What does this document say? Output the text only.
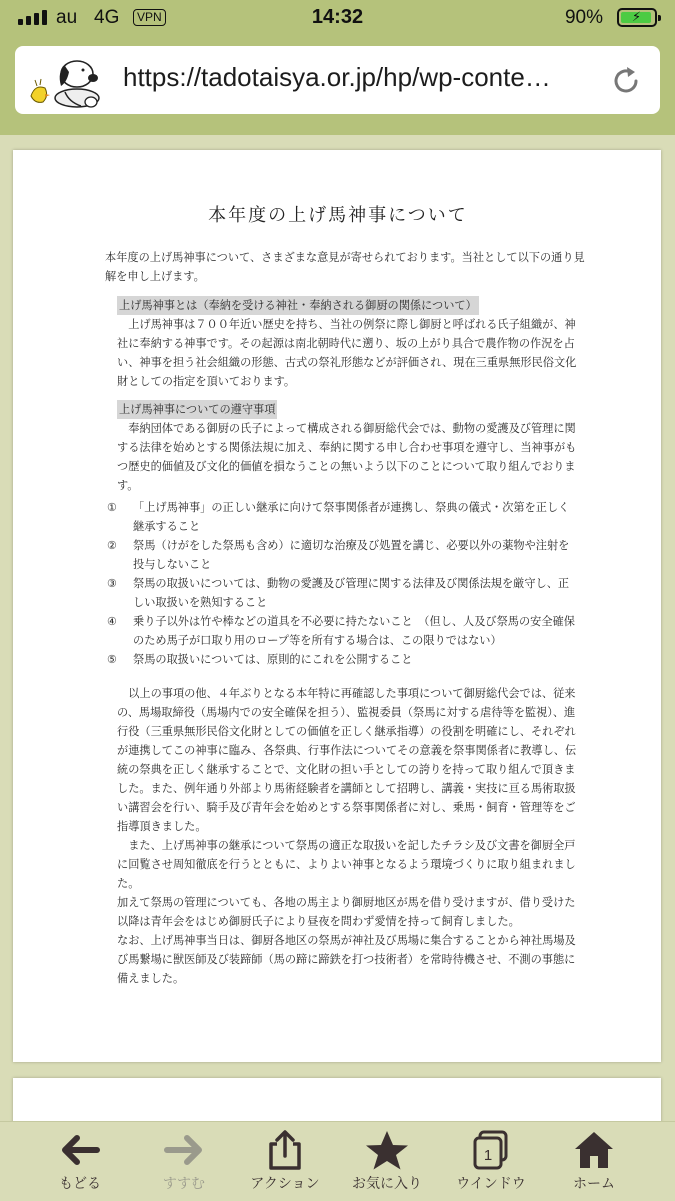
au 4G	VPN	14:32	90% ⚡
https://tadotaisya.or.jp/hp/wp-conte…
本年度の上げ馬神事について

本年度の上げ馬神事について、さまざまな意見が寄せられております。当社として以下の通り見解を申し上げます。

上げ馬神事とは（奉納を受ける神社・奉納される御厨の関係について）

上げ馬神事は７００年近い歴史を持ち、当社の例祭に際し御厨と呼ばれる氏子組織が、神社に奉納する神事です。その起源は南北朝時代に遡り、坂の上がり具合で農作物の作況を占い、神事を担う社会組織の形態、古式の祭礼形態などが評価され、現在三重県無形民俗文化財としての指定を頂いております。

上げ馬神事についての遵守事項

奉納団体である御厨の氏子によって構成される御厨総代会では、動物の愛護及び管理に関する法律を始めとする関係法規に加え、奉納に関する申し合わせ事項を遵守し、当神事がもつ歴史的価値及び文化的価値を損なうことの無いよう以下のことについて取り組んでおります。

①	「上げ馬神事」の正しい継承に向けて祭事関係者が連携し、祭典の儀式・次第を正しく継承すること
②	祭馬（けがをした祭馬も含め）に適切な治療及び処置を講じ、必要以外の薬物や注射を投与しないこと
③	祭馬の取扱いについては、動物の愛護及び管理に関する法律及び関係法規を厳守し、正しい取扱いを熟知すること
④	乗り子以外は竹や棒などの道具を不必要に持たないこと　（但し、人及び祭馬の安全確保のため馬子が口取り用のロープ等を所有する場合は、この限りではない）
⑤	祭馬の取扱いについては、原則的にこれを公開すること

以上の事項の他、４年ぶりとなる本年特に再確認した事項について御厨総代会では、従来の、馬場取締役（馬場内での安全確保を担う）、監視委員（祭馬に対する虐待等を監視）、進行役（三重県無形民俗文化財としての価値を正しく継承指導）の役割を明確にし、それぞれが連携してこの神事に臨み、各祭典、行事作法についてその意義を祭事関係者に教導し、伝統の祭典を正しく継承することで、文化財の担い手としての誇りを持って取り組んで頂きました。また、例年通り外部より馬術経験者を講師として招聘し、講義・実技に亘る馬術取扱い講習会を行い、騎手及び青年会を始めとする祭事関係者に対し、乗馬・飼育・管理等をご指導頂きました。

また、上げ馬神事の継承について祭馬の適正な取扱いを記したチラシ及び文書を御厨全戸に回覧させ周知徹底を行うとともに、よりよい神事となるよう環境づくりに取り組まれました。

加えて祭馬の管理についても、各地の馬主より御厨地区が馬を借り受けますが、借り受けた以降は青年会をはじめ御厨氏子により昼夜を問わず愛情を持って飼育しました。

なお、上げ馬神事当日は、御厨各地区の祭馬が神社及び馬場に集合することから神社馬場及び馬繋場に獣医師及び装蹄師（馬の蹄に蹄鉄を打つ技術者）を常時待機させ、不測の事態に備えました。

もどる	すすむ	アクション	お気に入り
1
ウインドウ	ホーム
